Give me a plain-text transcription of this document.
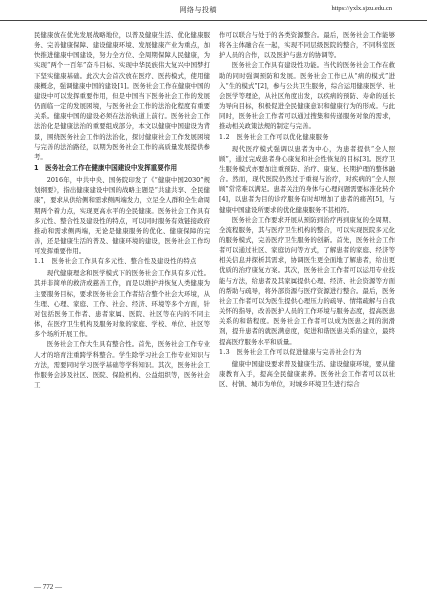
网络与投稿	https://yxlx.sjzu.edu.cn

民健康放在优先发展战略地位，以普及健康生活、优化健康服务、完善健康保障、建设健康环境、发展健康产业为重点，加快推进健康中国建设，努力全方位、全周期保障人民健康，为实现“两个一百年”奋斗目标、实现中华民族伟大复兴中国梦打下坚实健康基础。此次大会首次放在医疗、医药模式，使用健康概念，强调健康中国的建设[1]。医务社会工作在健康中国的建设中可以发挥重要作用，但是中国当下医务社会工作的发展仍面临一定的发展困境，与医务社会工作的法治化程度有重要关系。健康中国的建设必须在法治轨道上前行。医务社会工作法治化是健康法治的重要组成部分，本文以健康中国建设为背景，围绕医务社会工作的法治化，探讨健康社会工作发展困境与完善的法治路径，以期为医务社会工作的高质量发展提供参考。

1　医务社会工作在健康中国建设中发挥重要作用

2016年，中共中央、国务院印发了《“健康中国2030”规划纲要》，指出健康建设中国的战略主题是“共建共享、全民健康”，要求从供给侧和需求侧两端发力，立足全人群和全生命周期两个着力点，实现更高水平的全民健康。医务社会工作具有多元性、整合性及建设性的特点，可以同时服务有效链接政府推动和需求侧两端，无论是健康服务的优化、健康保障的完善，还是健康生活的普及、健康环境的建设，医务社会工作均可发挥重要作用。

1.1　医务社会工作具有多元性、整合性及建设性的特点

现代健康理念和医学模式下的医务社会工作具有多元性。其并非简单的救济或慈善工作，而是以维护并恢复人类健康为主要服务目标，要求医务社会工作者结合整个社会大环境，从生理、心理、家庭、工作、社会、经济、环境等多个方面，针对包括医务工作者、患者家属、医院、社区等在内的不同主体，在医疗卫生机构及服务对象的家庭、学校、单位、社区等多个场所开展工作。

医务社会工作大生具有整合性。首先，医务社会工作专业人才的培育注重跨学科整合。学生除学习社会工作专业知识与方法，需要同时学习医学基础等学科知识。其次，医务社会工作服务会涉及社区、医院、保险机构、公益组织等，医务社会工

作可以联合与处于的各类资源整合。最后，医务社会工作能够将各主体融合在一起，实现不同层级医院的整合，不同科室医护人员的合作，以及医护与患方的协调等。

医务社会工作具有建设性功能。当代的医务社会工作在救助的同时强调预防和发展。医务社会工作已从“病的模式”进入“生的模式”[2]，参与公共卫生服务，综合运用健康医学、社会医学等理论，从社区角度出发，以疾病的预防、寿命的延长为导向目标，积极促进全民健康意识和健康行为的形成。与此同时，医务社会工作者可以通过搜集和传递服务对象的需求，推动相关政策法规的制定与完善。

1.2　医务社会工作可以优化健康服务

现代医疗模式强调以患者为中心，为患者提供“全人照顾”，通过完成患者身心康复和社会性恢复的目标[3]。医疗卫生服务模式亦要加注重预防、治疗、康复、长期护理的整体融合。然而，现代医院仍然过于重视与治疗，对疾病的“全人照顾”常常难以满足。患者关注的身体与心理问题需要标准化转介[4]，以患者为目的诊疗服务有时却增加了患者的痛苦[5]，与健康中国建设所要求的优化健康服务不甚相符。

医务社会工作要求开展从预防到治疗再到康复的全周期、全流程服务，其与医疗卫生机构的整合，可以实现医院多元化的服务模式，完善医疗卫生服务的创新。首先，医务社会工作者可以通过社区、家庭访问等方式，了解患者的家庭、经济等相关信息并探析其需求，协调医生更全面地了解患者，给出更优质的治疗康复方案。其次，医务社会工作者可以运用专业技能与方法，给患者及其家属提供心理、经济、社会资源等方面的帮助与疏导，将外部资源与医疗资源进行整合。最后，医务社会工作者可以为医生提供心理压力的疏导、情绪疏解与自我关怀的指导，改善医护人员的工作环境与服务态度，提高医患关系的和谐程度。医务社会工作者可以成为医患之间的润滑剂，提升患者的就医满意度，促进和谐医患关系的建立，最终提高医疗服务水平和质量。

1.3　医务社会工作可以促进健康与完善社会行为

健康中国建设要求普及健康生活、建设健康环境，要从健康教育入手，提高全民健康素养。医务社会工作者可以以社区、村镇、城市为单位，对城乡环境卫生进行综合

— 772 —
